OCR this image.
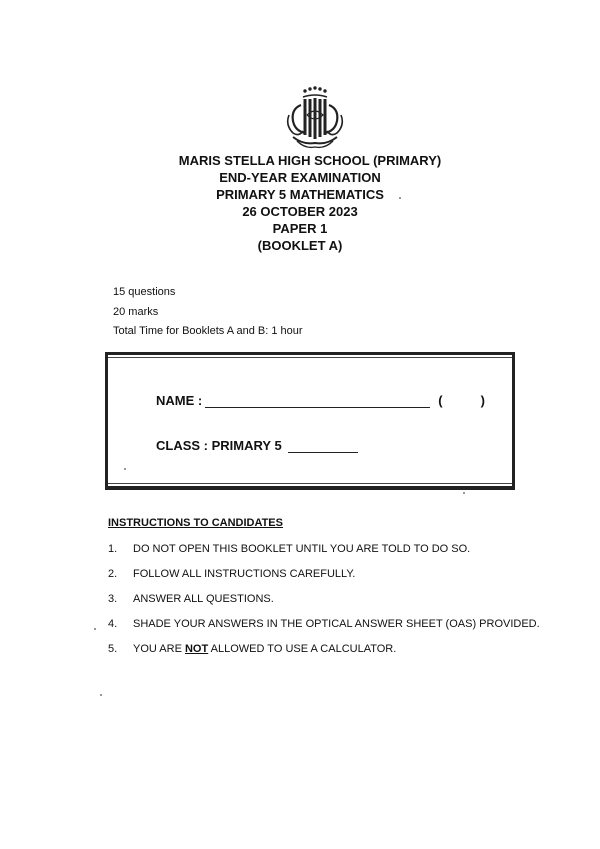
MARIS STELLA HIGH SCHOOL (PRIMARY)
END-YEAR EXAMINATION
PRIMARY 5 MATHEMATICS
26 OCTOBER 2023
PAPER 1
(BOOKLET A)
15 questions
20 marks
Total Time for Booklets A and B: 1 hour
NAME :	(	)
CLASS : PRIMARY 5
INSTRUCTIONS TO CANDIDATES
1.	DO NOT OPEN THIS BOOKLET UNTIL YOU ARE TOLD TO DO SO.
2.	FOLLOW ALL INSTRUCTIONS CAREFULLY.
3.	ANSWER ALL QUESTIONS.
4.	SHADE YOUR ANSWERS IN THE OPTICAL ANSWER SHEET (OAS) PROVIDED.
5.	YOU ARE NOT ALLOWED TO USE A CALCULATOR.
